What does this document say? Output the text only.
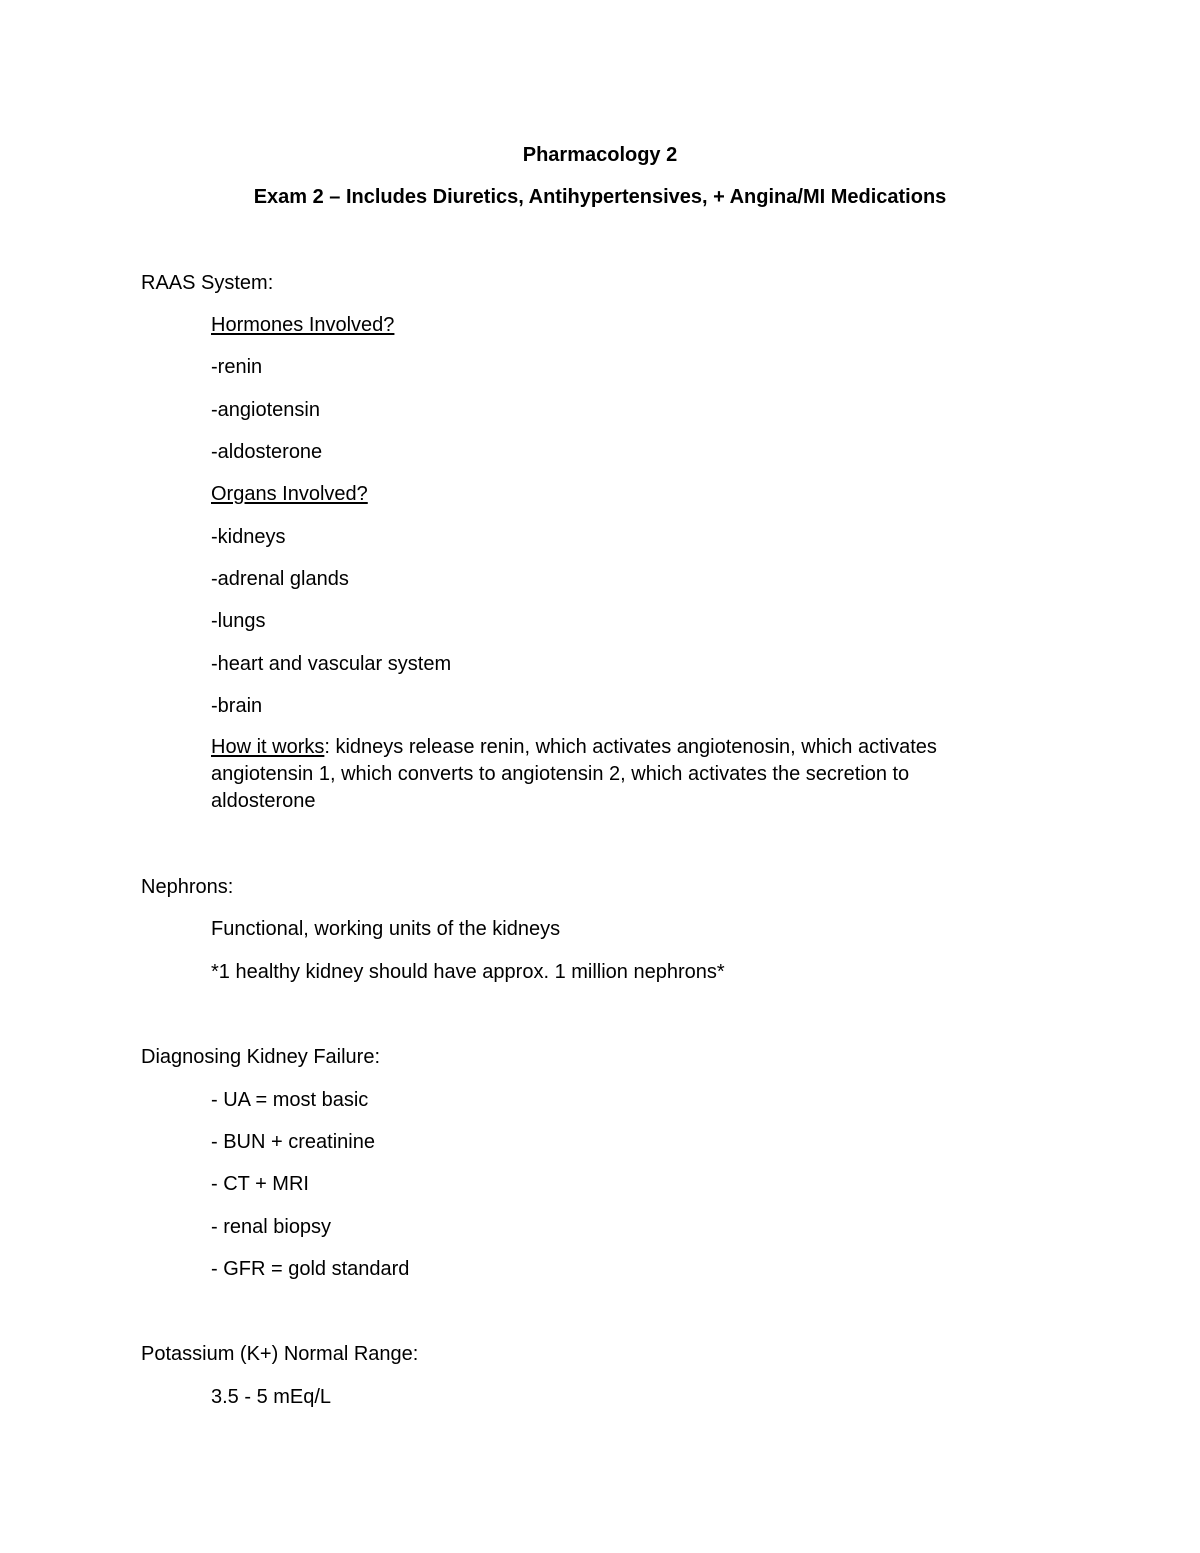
Pharmacology 2
Exam 2 – Includes Diuretics, Antihypertensives, + Angina/MI Medications
RAAS System:
Hormones Involved?
-renin
-angiotensin
-aldosterone
Organs Involved?
-kidneys
-adrenal glands
-lungs
-heart and vascular system
-brain
How it works: kidneys release renin, which activates angiotenosin, which activates angiotensin 1, which converts to angiotensin 2, which activates the secretion to aldosterone
Nephrons:
Functional, working units of the kidneys
*1 healthy kidney should have approx. 1 million nephrons*
Diagnosing Kidney Failure:
- UA = most basic
- BUN + creatinine
- CT + MRI
- renal biopsy
- GFR = gold standard
Potassium (K+) Normal Range:
3.5 - 5 mEq/L
